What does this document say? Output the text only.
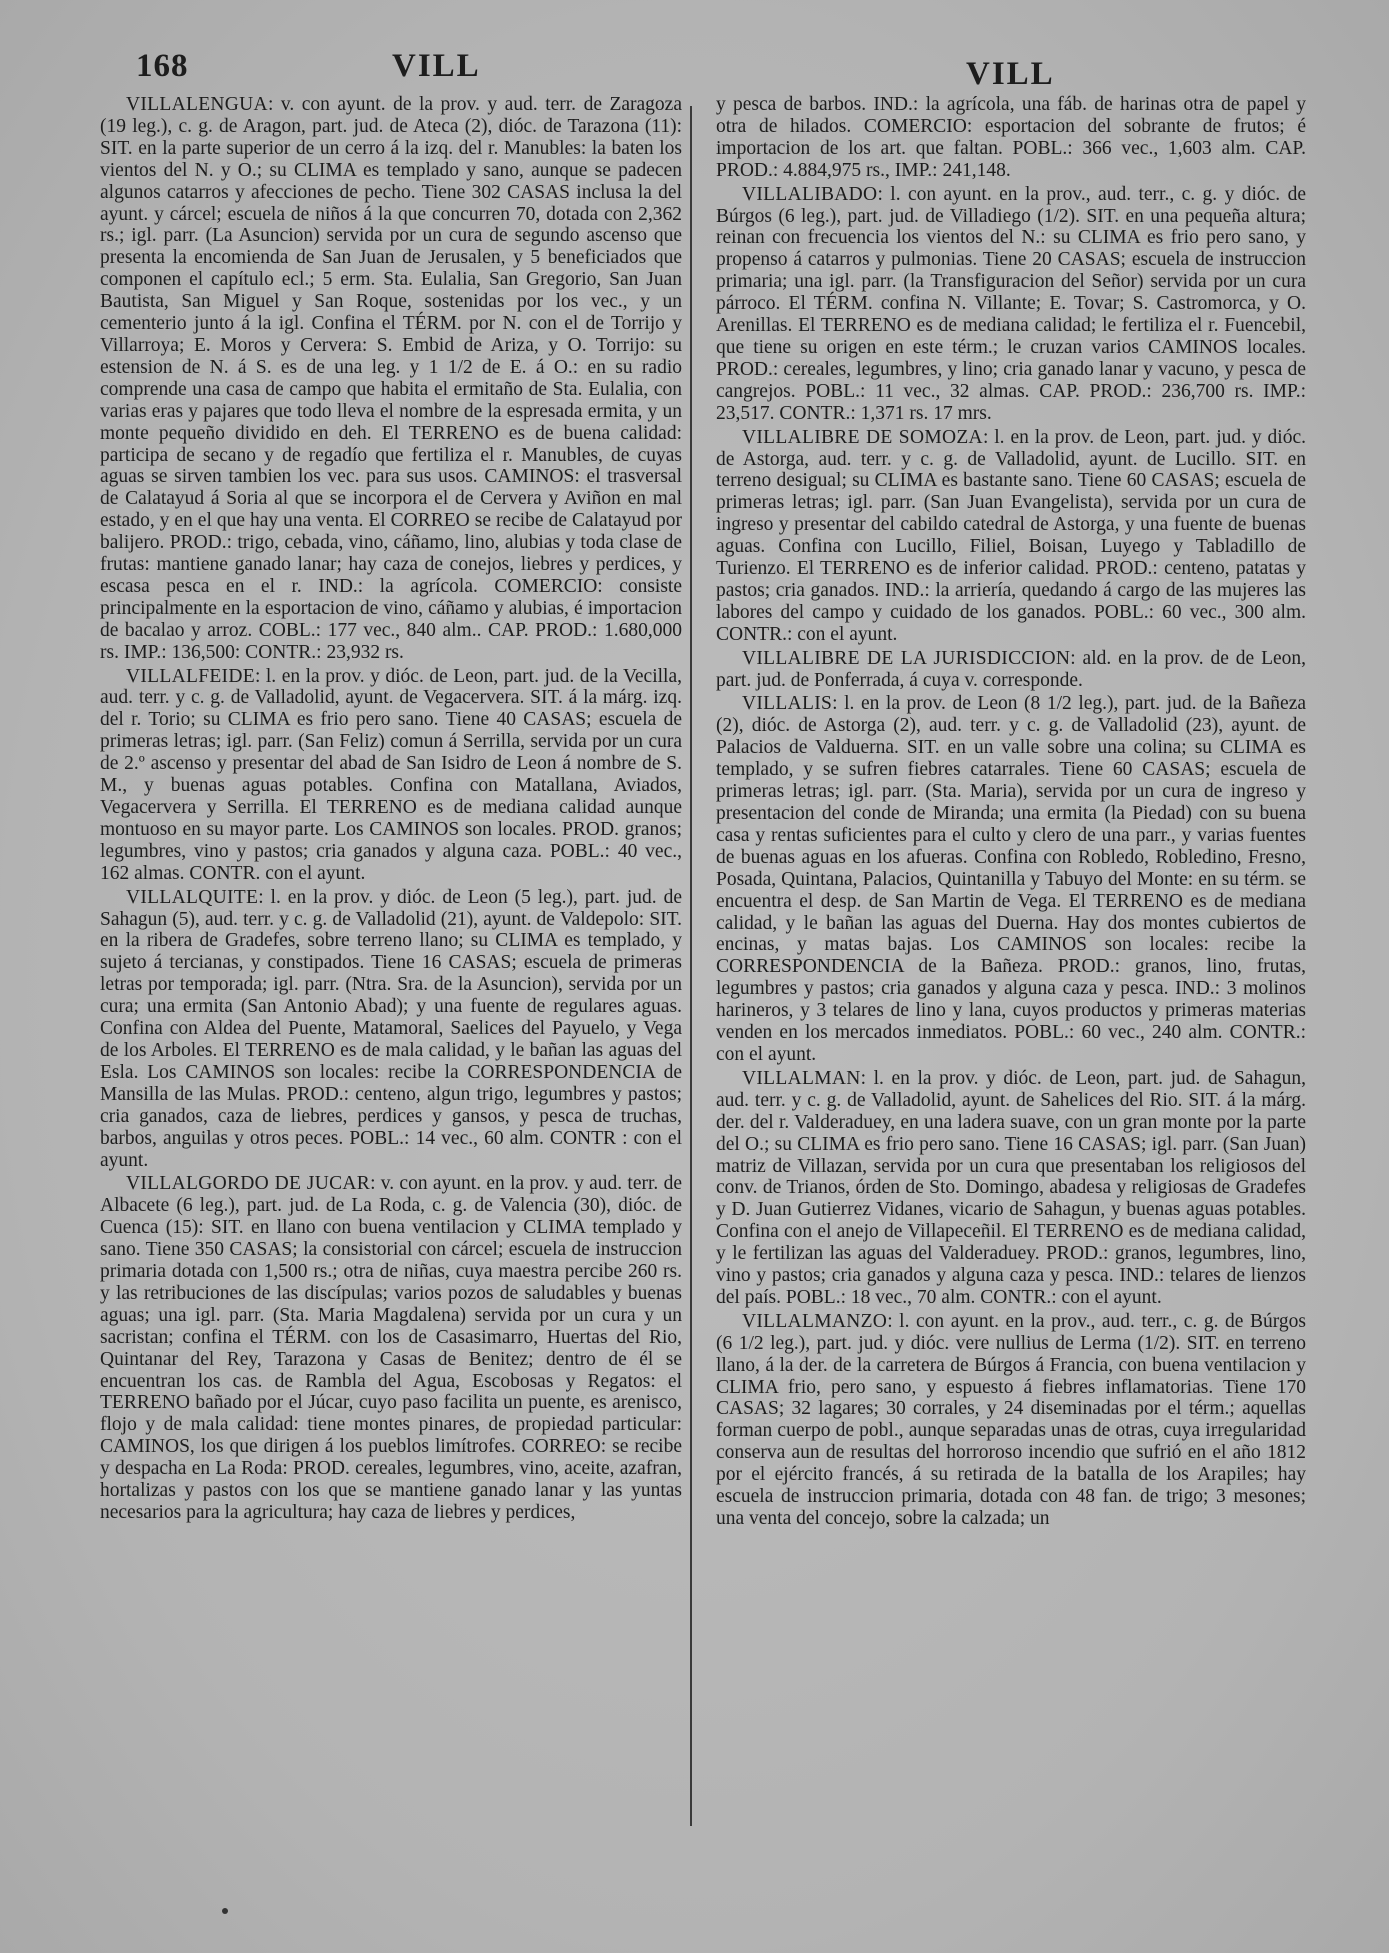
168	VILL	VILL

VILLALENGUA: v. con ayunt. de la prov. y aud. terr. de Zaragoza (19 leg.), c. g. de Aragon, part. jud. de Ateca (2), dióc. de Tarazona (11): SIT. en la parte superior de un cerro á la izq. del r. Manubles: la baten los vientos del N. y O.; su CLIMA es templado y sano, aunque se padecen algunos catarros y afecciones de pecho. Tiene 302 CASAS inclusa la del ayunt. y cárcel; escuela de niños á la que concurren 70, dotada con 2,362 rs.; igl. parr. (La Asuncion) servida por un cura de segundo ascenso que presenta la encomienda de San Juan de Jerusalen, y 5 beneficiados que componen el capítulo ecl.; 5 erm. Sta. Eulalia, San Gregorio, San Juan Bautista, San Miguel y San Roque, sostenidas por los vec., y un cementerio junto á la igl. Confina el TÉRM. por N. con el de Torrijo y Villarroya; E. Moros y Cervera: S. Embid de Ariza, y O. Torrijo: su estension de N. á S. es de una leg. y 1 1/2 de E. á O.: en su radio comprende una casa de campo que habita el ermitaño de Sta. Eulalia, con varias eras y pajares que todo lleva el nombre de la espresada ermita, y un monte pequeño dividido en deh. El TERRENO es de buena calidad: participa de secano y de regadío que fertiliza el r. Manubles, de cuyas aguas se sirven tambien los vec. para sus usos. CAMINOS: el trasversal de Calatayud á Soria al que se incorpora el de Cervera y Aviñon en mal estado, y en el que hay una venta. El CORREO se recibe de Calatayud por balijero. PROD.: trigo, cebada, vino, cáñamo, lino, alubias y toda clase de frutas: mantiene ganado lanar; hay caza de conejos, liebres y perdices, y escasa pesca en el r. IND.: la agrícola. COMERCIO: consiste principalmente en la esportacion de vino, cáñamo y alubias, é importacion de bacalao y arroz. COBL.: 177 vec., 840 alm.. CAP. PROD.: 1.680,000 rs. IMP.: 136,500: CONTR.: 23,932 rs.

VILLALFEIDE: l. en la prov. y dióc. de Leon, part. jud. de la Vecilla, aud. terr. y c. g. de Valladolid, ayunt. de Vegacervera. SIT. á la márg. izq. del r. Torio; su CLIMA es frio pero sano. Tiene 40 CASAS; escuela de primeras letras; igl. parr. (San Feliz) comun á Serrilla, servida por un cura de 2.º ascenso y presentar del abad de San Isidro de Leon á nombre de S. M., y buenas aguas potables. Confina con Matallana, Aviados, Vegacervera y Serrilla. El TERRENO es de mediana calidad aunque montuoso en su mayor parte. Los CAMINOS son locales. PROD. granos; legumbres, vino y pastos; cria ganados y alguna caza. POBL.: 40 vec., 162 almas. CONTR. con el ayunt.

VILLALQUITE: l. en la prov. y dióc. de Leon (5 leg.), part. jud. de Sahagun (5), aud. terr. y c. g. de Valladolid (21), ayunt. de Valdepolo: SIT. en la ribera de Gradefes, sobre terreno llano; su CLIMA es templado, y sujeto á tercianas, y constipados. Tiene 16 CASAS; escuela de primeras letras por temporada; igl. parr. (Ntra. Sra. de la Asuncion), servida por un cura; una ermita (San Antonio Abad); y una fuente de regulares aguas. Confina con Aldea del Puente, Matamoral, Saelices del Payuelo, y Vega de los Arboles. El TERRENO es de mala calidad, y le bañan las aguas del Esla. Los CAMINOS son locales: recibe la CORRESPONDENCIA de Mansilla de las Mulas. PROD.: centeno, algun trigo, legumbres y pastos; cria ganados, caza de liebres, perdices y gansos, y pesca de truchas, barbos, anguilas y otros peces. POBL.: 14 vec., 60 alm. CONTR : con el ayunt.

VILLALGORDO DE JUCAR: v. con ayunt. en la prov. y aud. terr. de Albacete (6 leg.), part. jud. de La Roda, c. g. de Valencia (30), dióc. de Cuenca (15): SIT. en llano con buena ventilacion y CLIMA templado y sano. Tiene 350 CASAS; la consistorial con cárcel; escuela de instruccion primaria dotada con 1,500 rs.; otra de niñas, cuya maestra percibe 260 rs. y las retribuciones de las discípulas; varios pozos de saludables y buenas aguas; una igl. parr. (Sta. Maria Magdalena) servida por un cura y un sacristan; confina el TÉRM. con los de Casasimarro, Huertas del Rio, Quintanar del Rey, Tarazona y Casas de Benitez; dentro de él se encuentran los cas. de Rambla del Agua, Escobosas y Regatos: el TERRENO bañado por el Júcar, cuyo paso facilita un puente, es arenisco, flojo y de mala calidad: tiene montes pinares, de propiedad particular: CAMINOS, los que dirigen á los pueblos limítrofes. CORREO: se recibe y despacha en La Roda: PROD. cereales, legumbres, vino, aceite, azafran, hortalizas y pastos con los que se mantiene ganado lanar y las yuntas necesarios para la agricultura; hay caza de liebres y perdices,

y pesca de barbos. IND.: la agrícola, una fáb. de harinas otra de papel y otra de hilados. COMERCIO: esportacion del sobrante de frutos; é importacion de los art. que faltan. POBL.: 366 vec., 1,603 alm. CAP. PROD.: 4.884,975 rs., IMP.: 241,148.

VILLALIBADO: l. con ayunt. en la prov., aud. terr., c. g. y dióc. de Búrgos (6 leg.), part. jud. de Villadiego (1/2). SIT. en una pequeña altura; reinan con frecuencia los vientos del N.: su CLIMA es frio pero sano, y propenso á catarros y pulmonias. Tiene 20 CASAS; escuela de instruccion primaria; una igl. parr. (la Transfiguracion del Señor) servida por un cura párroco. El TÉRM. confina N. Villante; E. Tovar; S. Castromorca, y O. Arenillas. El TERRENO es de mediana calidad; le fertiliza el r. Fuencebil, que tiene su origen en este térm.; le cruzan varios CAMINOS locales. PROD.: cereales, legumbres, y lino; cria ganado lanar y vacuno, y pesca de cangrejos. POBL.: 11 vec., 32 almas. CAP. PROD.: 236,700 rs. IMP.: 23,517. CONTR.: 1,371 rs. 17 mrs.

VILLALIBRE DE SOMOZA: l. en la prov. de Leon, part. jud. y dióc. de Astorga, aud. terr. y c. g. de Valladolid, ayunt. de Lucillo. SIT. en terreno desigual; su CLIMA es bastante sano. Tiene 60 CASAS; escuela de primeras letras; igl. parr. (San Juan Evangelista), servida por un cura de ingreso y presentar del cabildo catedral de Astorga, y una fuente de buenas aguas. Confina con Lucillo, Filiel, Boisan, Luyego y Tabladillo de Turienzo. El TERRENO es de inferior calidad. PROD.: centeno, patatas y pastos; cria ganados. IND.: la arriería, quedando á cargo de las mujeres las labores del campo y cuidado de los ganados. POBL.: 60 vec., 300 alm. CONTR.: con el ayunt.

VILLALIBRE DE LA JURISDICCION: ald. en la prov. de de Leon, part. jud. de Ponferrada, á cuya v. corresponde.

VILLALIS: l. en la prov. de Leon (8 1/2 leg.), part. jud. de la Bañeza (2), dióc. de Astorga (2), aud. terr. y c. g. de Valladolid (23), ayunt. de Palacios de Valduerna. SIT. en un valle sobre una colina; su CLIMA es templado, y se sufren fiebres catarrales. Tiene 60 CASAS; escuela de primeras letras; igl. parr. (Sta. Maria), servida por un cura de ingreso y presentacion del conde de Miranda; una ermita (la Piedad) con su buena casa y rentas suficientes para el culto y clero de una parr., y varias fuentes de buenas aguas en los afueras. Confina con Robledo, Robledino, Fresno, Posada, Quintana, Palacios, Quintanilla y Tabuyo del Monte: en su térm. se encuentra el desp. de San Martin de Vega. El TERRENO es de mediana calidad, y le bañan las aguas del Duerna. Hay dos montes cubiertos de encinas, y matas bajas. Los CAMINOS son locales: recibe la CORRESPONDENCIA de la Bañeza. PROD.: granos, lino, frutas, legumbres y pastos; cria ganados y alguna caza y pesca. IND.: 3 molinos harineros, y 3 telares de lino y lana, cuyos productos y primeras materias venden en los mercados inmediatos. POBL.: 60 vec., 240 alm. CONTR.: con el ayunt.

VILLALMAN: l. en la prov. y dióc. de Leon, part. jud. de Sahagun, aud. terr. y c. g. de Valladolid, ayunt. de Sahelices del Rio. SIT. á la márg. der. del r. Valderaduey, en una ladera suave, con un gran monte por la parte del O.; su CLIMA es frio pero sano. Tiene 16 CASAS; igl. parr. (San Juan) matriz de Villazan, servida por un cura que presentaban los religiosos del conv. de Trianos, órden de Sto. Domingo, abadesa y religiosas de Gradefes y D. Juan Gutierrez Vidanes, vicario de Sahagun, y buenas aguas potables. Confina con el anejo de Villapeceñil. El TERRENO es de mediana calidad, y le fertilizan las aguas del Valderaduey. PROD.: granos, legumbres, lino, vino y pastos; cria ganados y alguna caza y pesca. IND.: telares de lienzos del país. POBL.: 18 vec., 70 alm. CONTR.: con el ayunt.

VILLALMANZO: l. con ayunt. en la prov., aud. terr., c. g. de Búrgos (6 1/2 leg.), part. jud. y dióc. vere nullius de Lerma (1/2). SIT. en terreno llano, á la der. de la carretera de Búrgos á Francia, con buena ventilacion y CLIMA frio, pero sano, y espuesto á fiebres inflamatorias. Tiene 170 CASAS; 32 lagares; 30 corrales, y 24 diseminadas por el térm.; aquellas forman cuerpo de pobl., aunque separadas unas de otras, cuya irregularidad conserva aun de resultas del horroroso incendio que sufrió en el año 1812 por el ejército francés, á su retirada de la batalla de los Arapiles; hay escuela de instruccion primaria, dotada con 48 fan. de trigo; 3 mesones; una venta del concejo, sobre la calzada; un
